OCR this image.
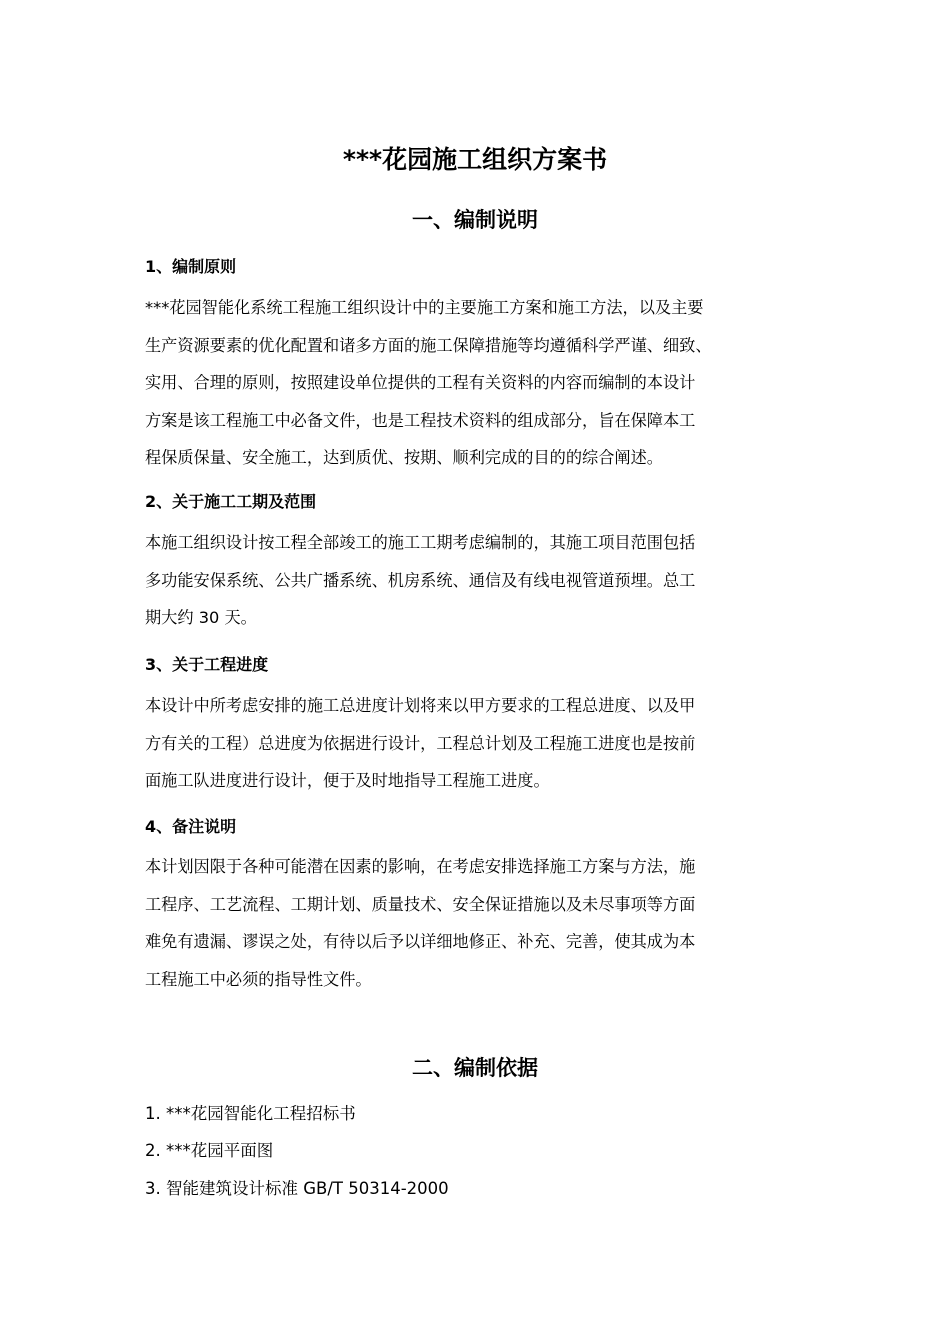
***花园施工组织方案书
一、编制说明
1、编制原则
***花园智能化系统工程施工组织设计中的主要施工方案和施工方法，以及主要
生产资源要素的优化配置和诸多方面的施工保障措施等均遵循科学严谨、细致、
实用、合理的原则，按照建设单位提供的工程有关资料的内容而编制的本设计
方案是该工程施工中必备文件，也是工程技术资料的组成部分，旨在保障本工
程保质保量、安全施工，达到质优、按期、顺利完成的目的的综合阐述。
2、关于施工工期及范围
本施工组织设计按工程全部竣工的施工工期考虑编制的，其施工项目范围包括
多功能安保系统、公共广播系统、机房系统、通信及有线电视管道预埋。总工
期大约 30 天。
3、关于工程进度
本设计中所考虑安排的施工总进度计划将来以甲方要求的工程总进度、以及甲
方有关的工程）总进度为依据进行设计，工程总计划及工程施工进度也是按前
面施工队进度进行设计，便于及时地指导工程施工进度。
4、备注说明
本计划因限于各种可能潜在因素的影响，在考虑安排选择施工方案与方法，施
工程序、工艺流程、工期计划、质量技术、安全保证措施以及未尽事项等方面
难免有遗漏、谬误之处，有待以后予以详细地修正、补充、完善，使其成为本
工程施工中必须的指导性文件。
二、编制依据
1. ***花园智能化工程招标书
2. ***花园平面图
3. 智能建筑设计标准 GB/T 50314-2000
